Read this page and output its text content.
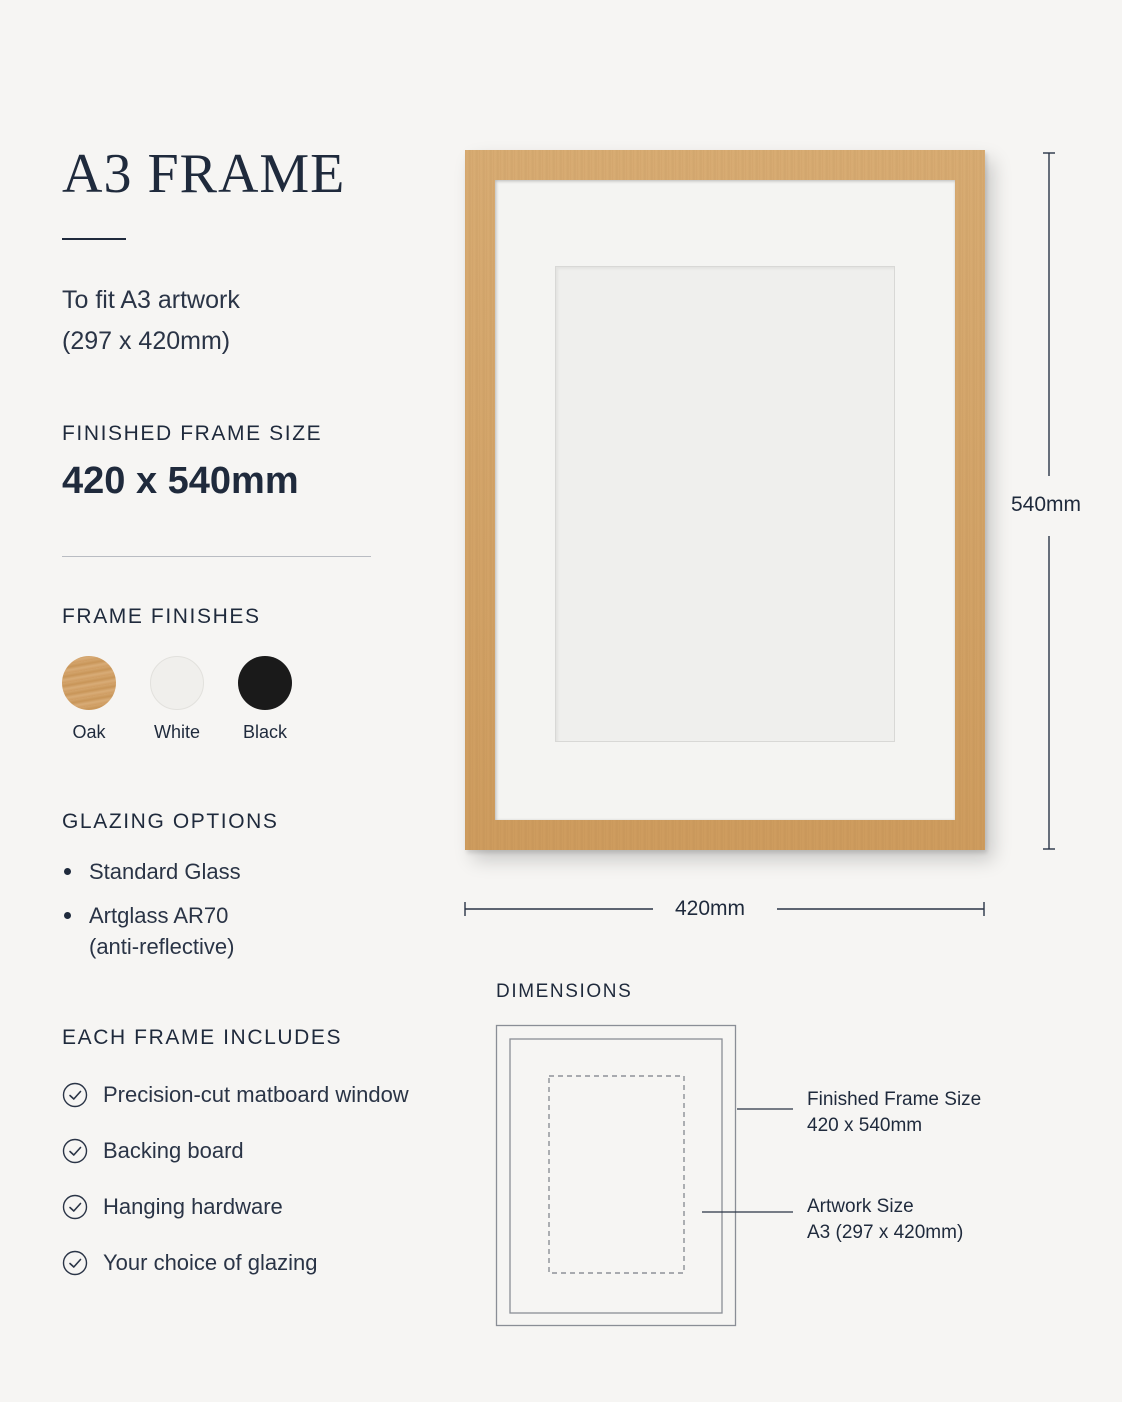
A3 FRAME
To fit A3 artwork
(297 x 420mm)
FINISHED FRAME SIZE
420 x 540mm
FRAME FINISHES
Oak	White	Black
GLAZING OPTIONS
Standard Glass
Artglass AR70
(anti-reflective)
EACH FRAME INCLUDES
Precision-cut matboard window
Backing board
Hanging hardware
Your choice of glazing
540mm
420mm
DIMENSIONS
Finished Frame Size
420 x 540mm
Artwork Size
A3 (297 x 420mm)
